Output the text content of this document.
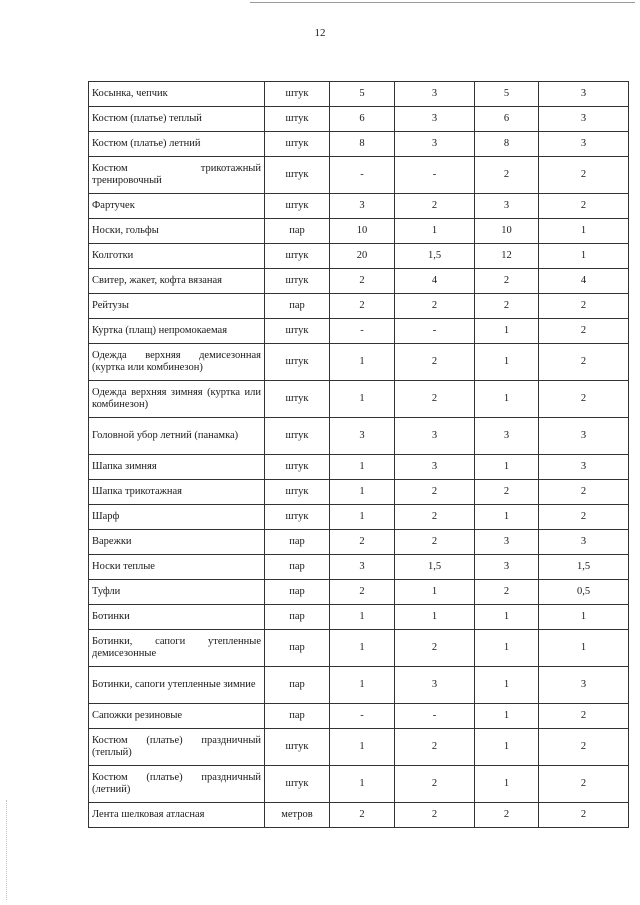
12
Косынка, чепчик	штук	5	3	5	3
Костюм (платье) теплый	штук	6	3	6	3
Костюм (платье) летний	штук	8	3	8	3
Костюм трикотажный тренировочный	штук	-	-	2	2
Фартучек	штук	3	2	3	2
Носки, гольфы	пар	10	1	10	1
Колготки	штук	20	1,5	12	1
Свитер, жакет, кофта вязаная	штук	2	4	2	4
Рейтузы	пар	2	2	2	2
Куртка (плащ) непромокаемая	штук	-	-	1	2
Одежда верхняя демисезонная (куртка или комбинезон)	штук	1	2	1	2
Одежда верхняя зимняя (куртка или комбинезон)	штук	1	2	1	2
Головной убор летний (панамка)	штук	3	3	3	3
Шапка зимняя	штук	1	3	1	3
Шапка трикотажная	штук	1	2	2	2
Шарф	штук	1	2	1	2
Варежки	пар	2	2	3	3
Носки теплые	пар	3	1,5	3	1,5
Туфли	пар	2	1	2	0,5
Ботинки	пар	1	1	1	1
Ботинки, сапоги утепленные демисезонные	пар	1	2	1	1
Ботинки, сапоги утепленные зимние	пар	1	3	1	3
Сапожки резиновые	пар	-	-	1	2
Костюм (платье) праздничный (теплый)	штук	1	2	1	2
Костюм (платье) праздничный (летний)	штук	1	2	1	2
Лента шелковая атласная	метров	2	2	2	2
